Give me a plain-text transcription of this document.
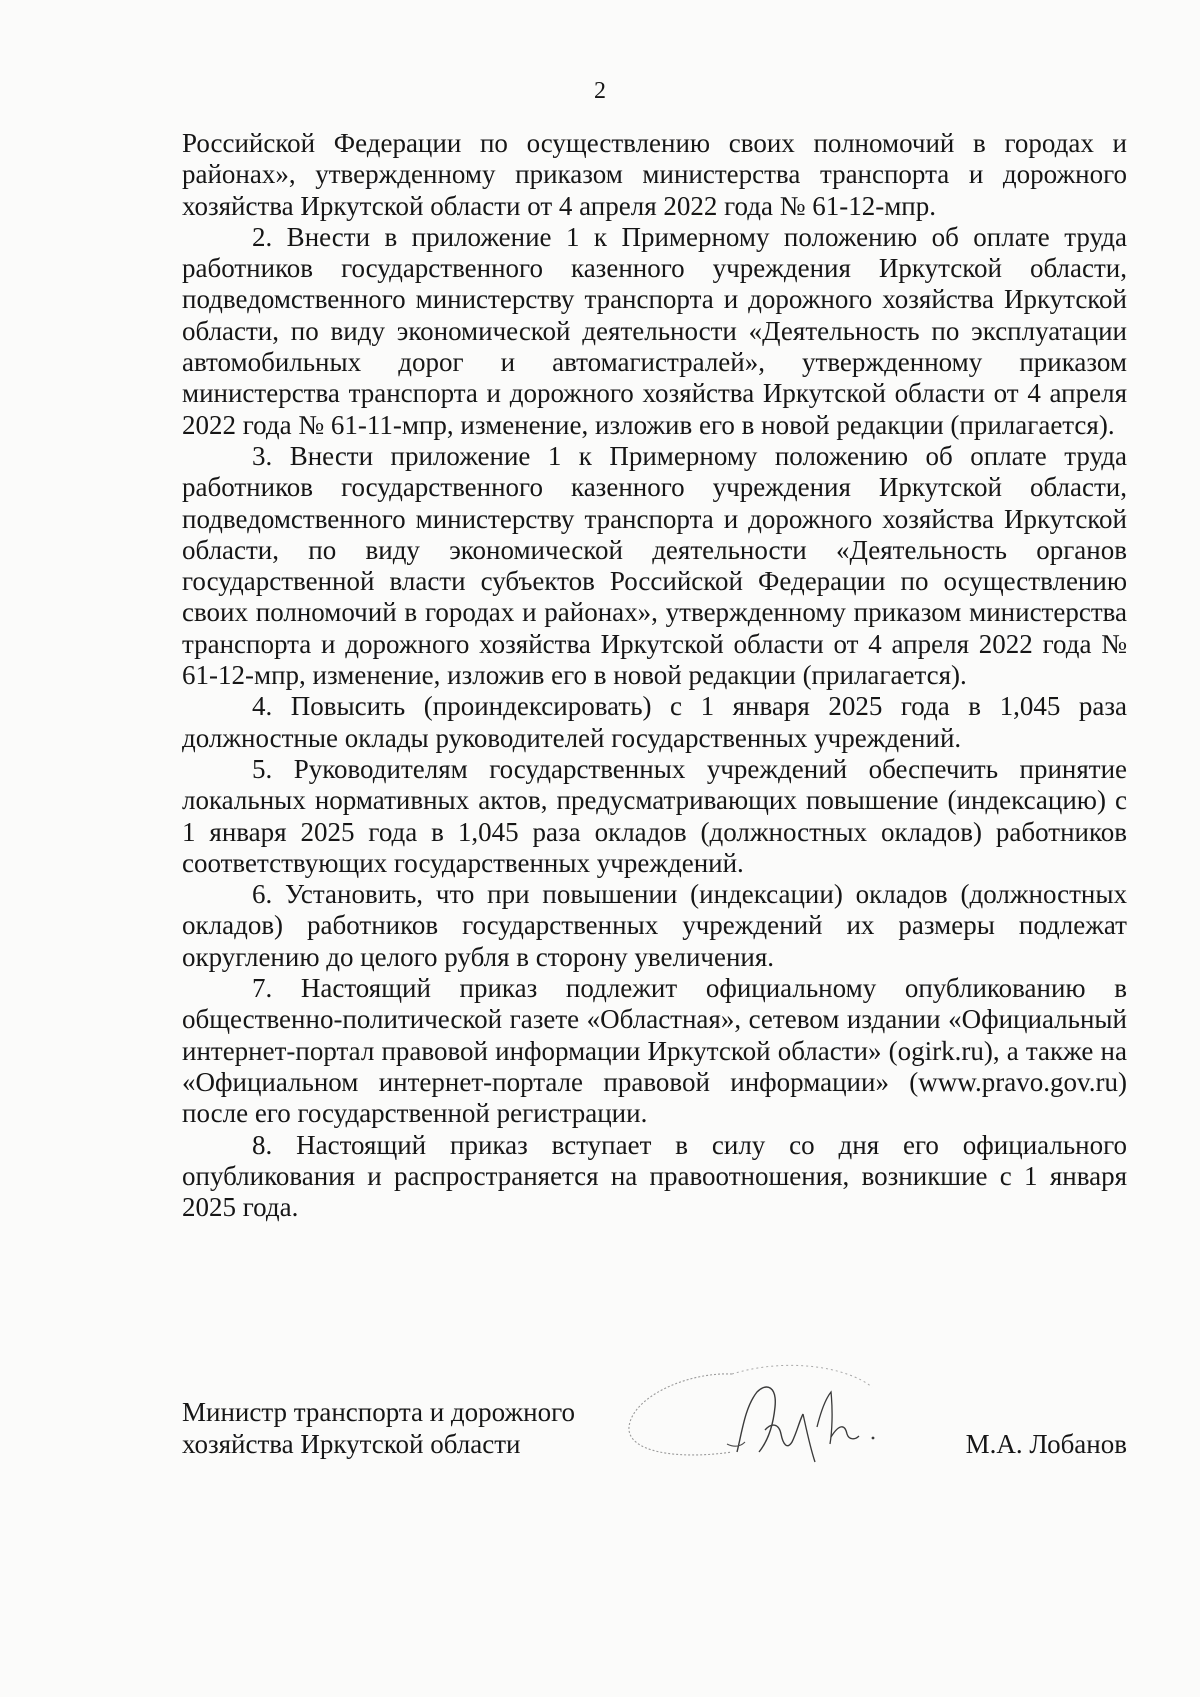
2

Российской Федерации по осуществлению своих полномочий в городах и районах», утвержденному приказом министерства транспорта и дорожного хозяйства Иркутской области от 4 апреля 2022 года № 61-12-мпр.

2. Внести в приложение 1 к Примерному положению об оплате труда работников государственного казенного учреждения Иркутской области, подведомственного министерству транспорта и дорожного хозяйства Иркутской области, по виду экономической деятельности «Деятельность по эксплуатации автомобильных дорог и автомагистралей», утвержденному приказом министерства транспорта и дорожного хозяйства Иркутской области от 4 апреля 2022 года № 61-11-мпр, изменение, изложив его в новой редакции (прилагается).

3. Внести приложение 1 к Примерному положению об оплате труда работников государственного казенного учреждения Иркутской области, подведомственного министерству транспорта и дорожного хозяйства Иркутской области, по виду экономической деятельности «Деятельность органов государственной власти субъектов Российской Федерации по осуществлению своих полномочий в городах и районах», утвержденному приказом министерства транспорта и дорожного хозяйства Иркутской области от 4 апреля 2022 года № 61-12-мпр, изменение, изложив его в новой редакции (прилагается).

4. Повысить (проиндексировать) с 1 января 2025 года в 1,045 раза должностные оклады руководителей государственных учреждений.

5. Руководителям государственных учреждений обеспечить принятие локальных нормативных актов, предусматривающих повышение (индексацию) с 1 января 2025 года в 1,045 раза окладов (должностных окладов) работников соответствующих государственных учреждений.

6. Установить, что при повышении (индексации) окладов (должностных окладов) работников государственных учреждений их размеры подлежат округлению до целого рубля в сторону увеличения.

7. Настоящий приказ подлежит официальному опубликованию в общественно-политической газете «Областная», сетевом издании «Официальный интернет-портал правовой информации Иркутской области» (ogirk.ru), а также на «Официальном интернет-портале правовой информации» (www.pravo.gov.ru) после его государственной регистрации.

8. Настоящий приказ вступает в силу со дня его официального опубликования и распространяется на правоотношения, возникшие с 1 января 2025 года.

Министр транспорта и дорожного
хозяйства Иркутской области	М.А. Лобанов
